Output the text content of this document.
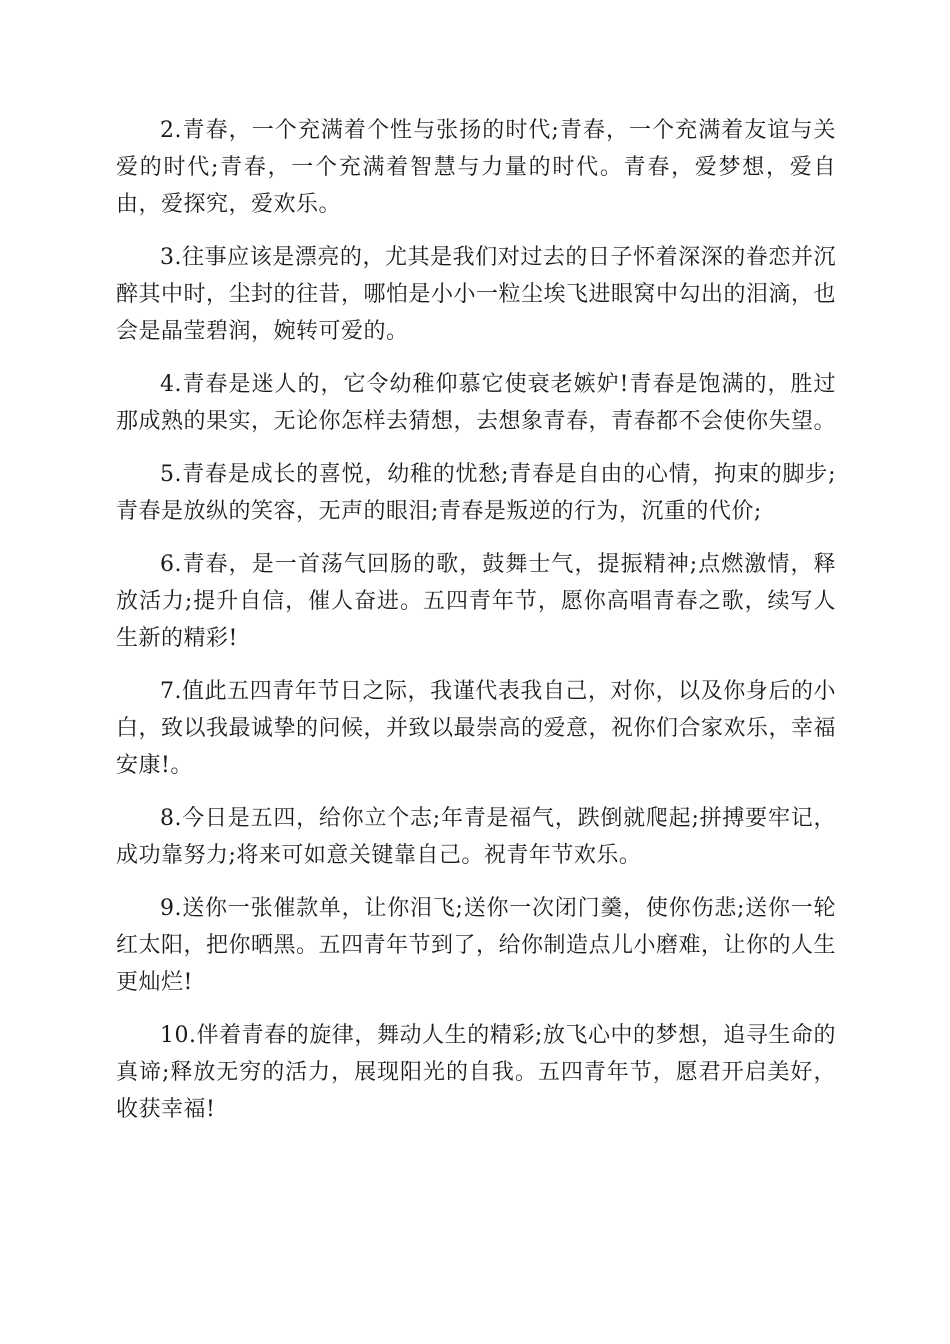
2.青春，一个充满着个性与张扬的时代;青春，一个充满着友谊与关爱的时代;青春，一个充满着智慧与力量的时代。青春，爱梦想，爱自由，爱探究，爱欢乐。

3.往事应该是漂亮的，尤其是我们对过去的日子怀着深深的眷恋并沉醉其中时，尘封的往昔，哪怕是小小一粒尘埃飞进眼窝中勾出的泪滴，也会是晶莹碧润，婉转可爱的。

4.青春是迷人的，它令幼稚仰慕它使衰老嫉妒!青春是饱满的，胜过那成熟的果实，无论你怎样去猜想，去想象青春，青春都不会使你失望。

5.青春是成长的喜悦，幼稚的忧愁;青春是自由的心情，拘束的脚步;青春是放纵的笑容，无声的眼泪;青春是叛逆的行为，沉重的代价;

6.青春，是一首荡气回肠的歌，鼓舞士气，提振精神;点燃激情，释放活力;提升自信，催人奋进。五四青年节，愿你高唱青春之歌，续写人生新的精彩!

7.值此五四青年节日之际，我谨代表我自己，对你，以及你身后的小白，致以我最诚挚的问候，并致以最崇高的爱意，祝你们合家欢乐，幸福安康!。

8.今日是五四，给你立个志;年青是福气，跌倒就爬起;拼搏要牢记，成功靠努力;将来可如意关键靠自己。祝青年节欢乐。

9.送你一张催款单，让你泪飞;送你一次闭门羹，使你伤悲;送你一轮红太阳，把你晒黑。五四青年节到了，给你制造点儿小磨难，让你的人生更灿烂!

10.伴着青春的旋律，舞动人生的精彩;放飞心中的梦想，追寻生命的真谛;释放无穷的活力，展现阳光的自我。五四青年节，愿君开启美好，收获幸福!
